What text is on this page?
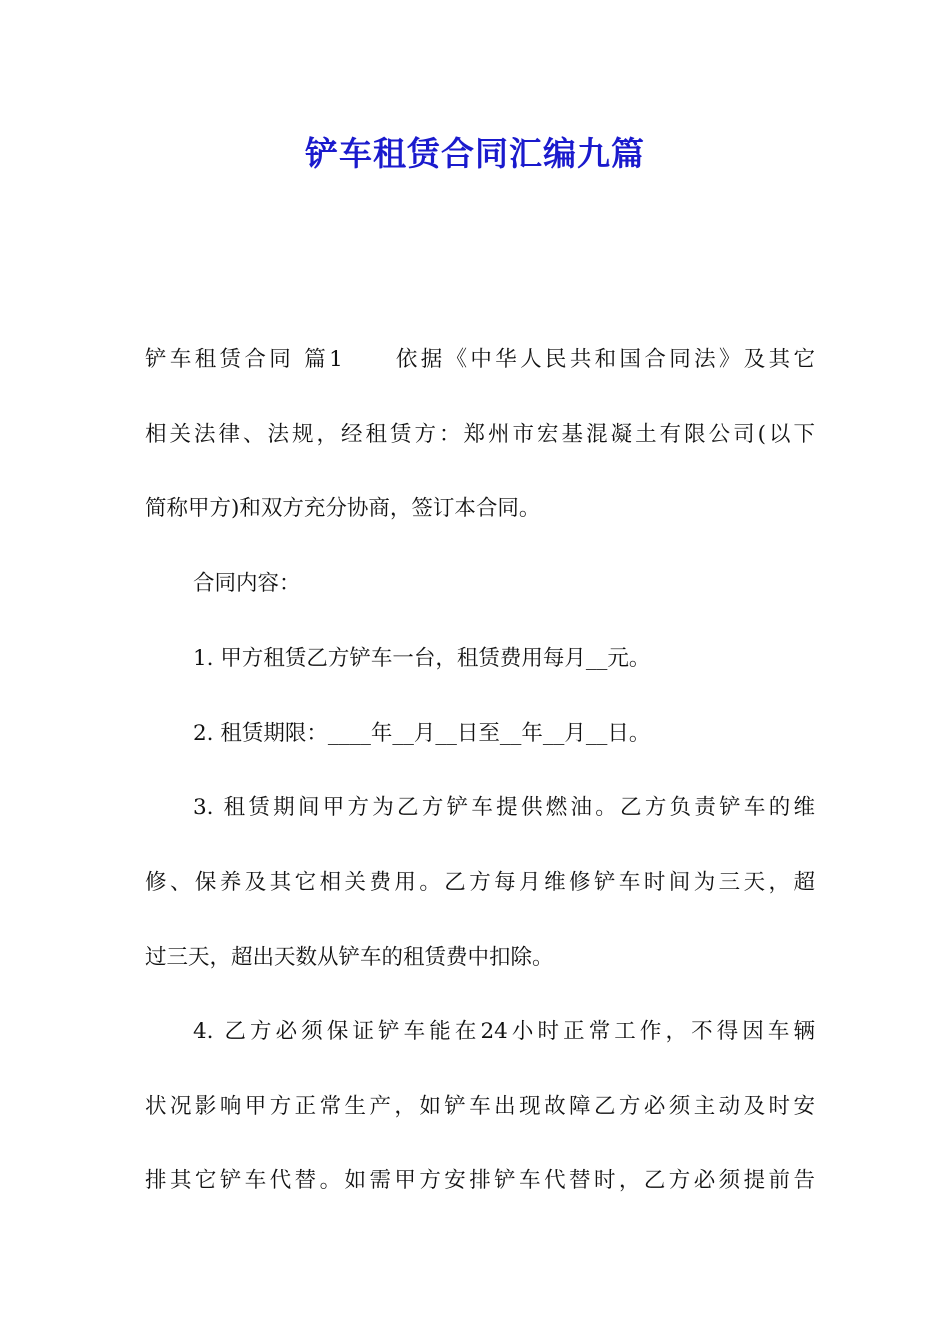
铲车租赁合同汇编九篇
铲车租赁合同 篇1　　依据《中华人民共和国合同法》及其它
相关法律、法规，经租赁方：郑州市宏基混凝土有限公司(以下
简称甲方)和双方充分协商，签订本合同。
合同内容：
1. 甲方租赁乙方铲车一台，租赁费用每月__元。
2. 租赁期限：____年__月__日至__年__月__日。
3. 租赁期间甲方为乙方铲车提供燃油。乙方负责铲车的维
修、保养及其它相关费用。乙方每月维修铲车时间为三天，超
过三天，超出天数从铲车的租赁费中扣除。
4. 乙方必须保证铲车能在24小时正常工作，不得因车辆
状况影响甲方正常生产，如铲车出现故障乙方必须主动及时安
排其它铲车代替。如需甲方安排铲车代替时，乙方必须提前告
